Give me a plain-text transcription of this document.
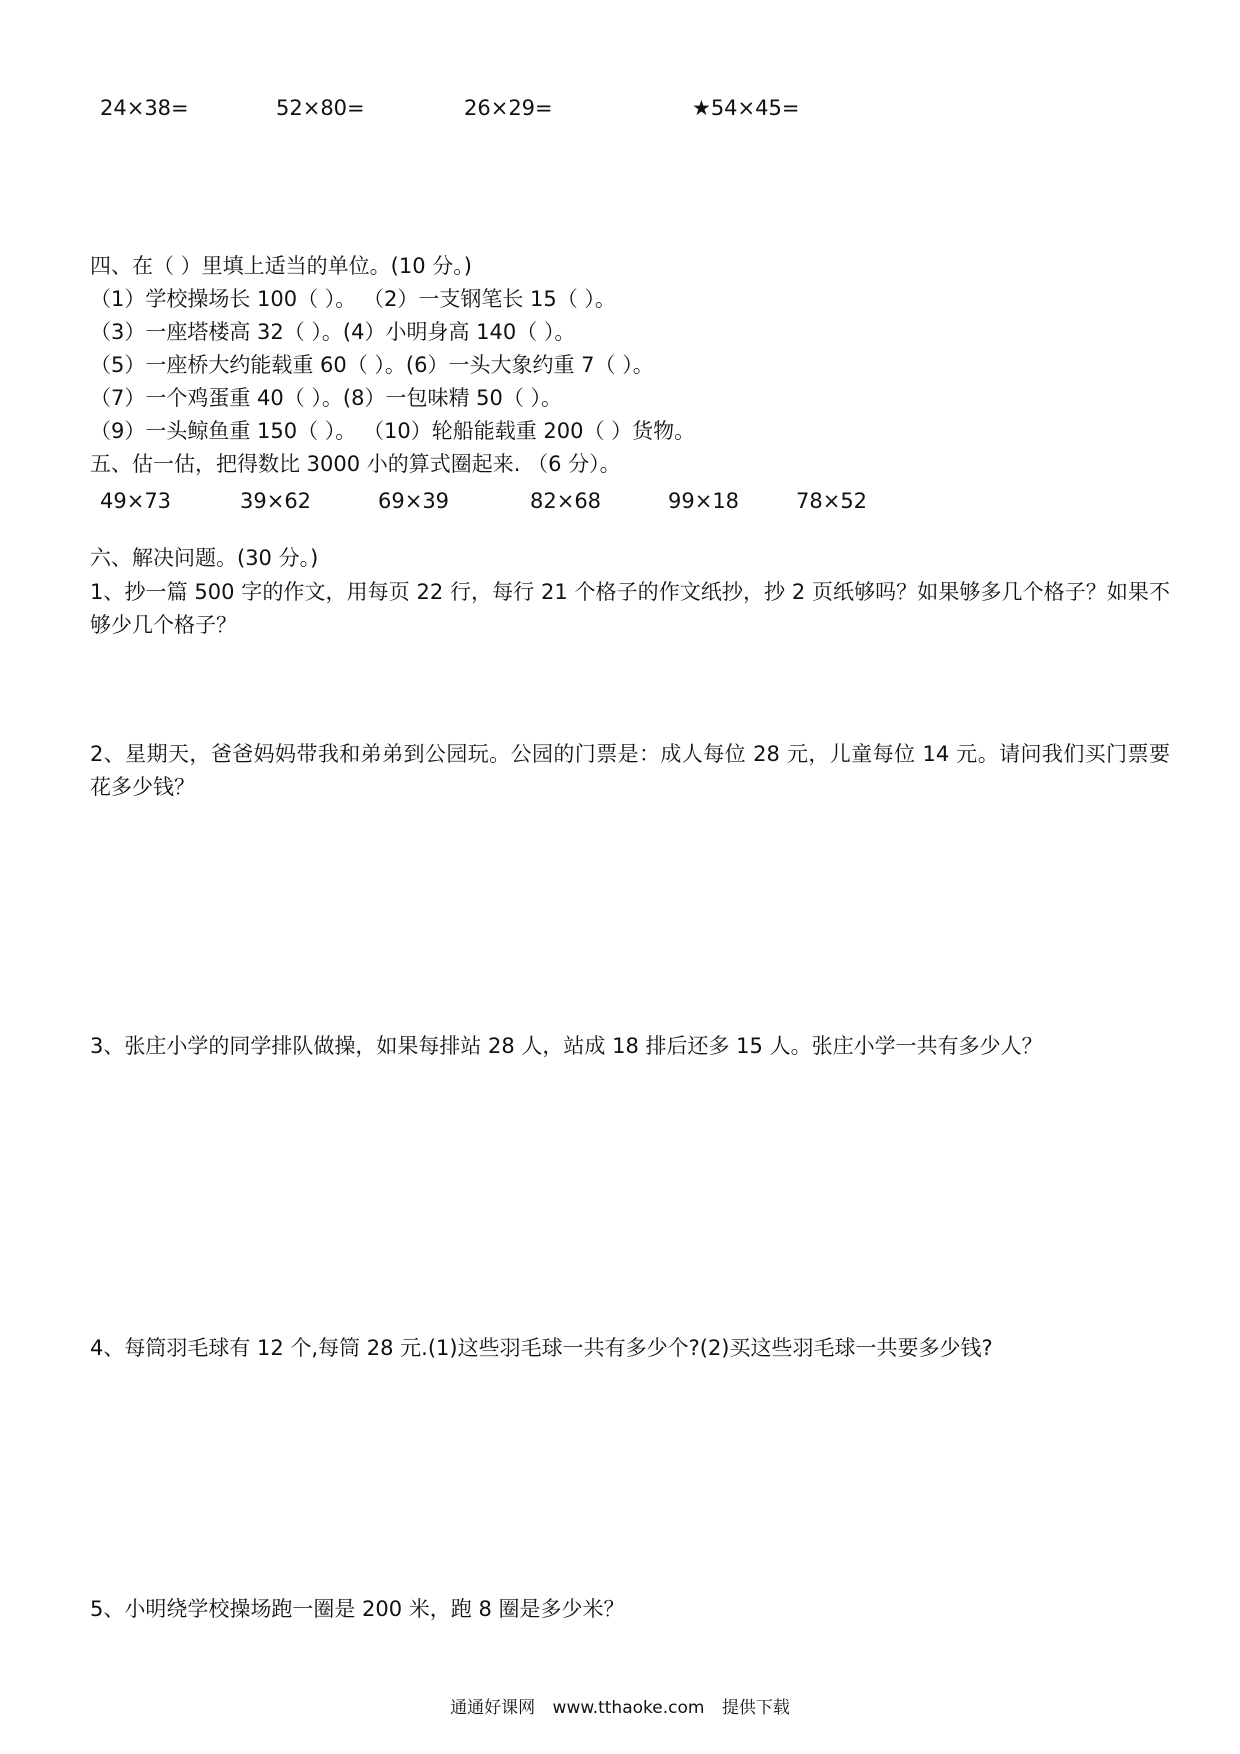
24×38=	52×80=	26×29=	★54×45=
四、在（ ）里填上适当的单位。(10 分。)
（1）学校操场长 100（ ）。 （2）一支钢笔长 15（ ）。
（3）一座塔楼高 32（ ）。(4）小明身高 140（ ）。
（5）一座桥大约能载重 60（ ）。(6）一头大象约重 7（ ）。
（7）一个鸡蛋重 40（ ）。(8）一包味精 50（ ）。
（9）一头鲸鱼重 150（ ）。 （10）轮船能载重 200（ ）货物。
五、估一估，把得数比 3000 小的算式圈起来. （6 分）。
49×73	39×62	69×39	82×68	99×18	78×52
六、解决问题。(30 分。)
1、抄一篇 500 字的作文，用每页 22 行，每行 21 个格子的作文纸抄，抄 2 页纸够吗？如果够多几个格子？如果不够少几个格子？
2、星期天，爸爸妈妈带我和弟弟到公园玩。公园的门票是：成人每位 28 元，儿童每位 14 元。请问我们买门票要花多少钱？
3、张庄小学的同学排队做操，如果每排站 28 人，站成 18 排后还多 15 人。张庄小学一共有多少人？
4、每筒羽毛球有 12 个,每筒 28 元.(1)这些羽毛球一共有多少个?(2)买这些羽毛球一共要多少钱?
5、小明绕学校操场跑一圈是 200 米，跑 8 圈是多少米？
通通好课网 www.tthaoke.com 提供下载
